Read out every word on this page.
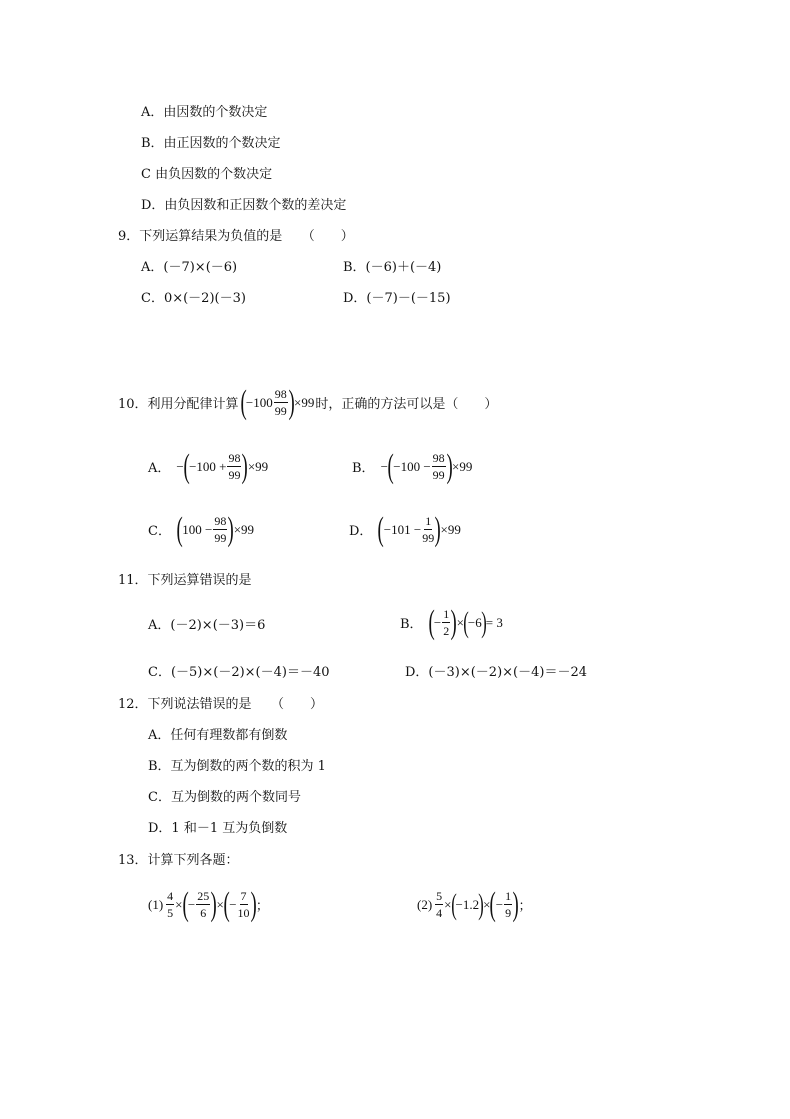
A．由因数的个数决定
B．由正因数的个数决定
C 由负因数的个数决定
D．由负因数和正因数个数的差决定
9．下列运算结果为负值的是　　（　　）
A．(－7)×(－6)	B．(－6)＋(－4)
C．0×(－2)(－3)	D．(－7)－(－15)
10．利用分配律计算 ( $-100 \frac{98}{99}$ ) ×99 时，正确的方法可以是（　　）
A． − ( $-100 + \frac{98}{99}$ ) ×99	B． − ( $-100 - \frac{98}{99}$ ) ×99
C． ( $100 - \frac{98}{99}$ ) ×99	D． ( $-101 - \frac{1}{99}$ ) ×99
11．下列运算错误的是
A．(－2)×(－3)＝6	B． ( − $\frac{1}{2}$ ) × ( −6 ) = 3
C．(－5)×(－2)×(－4)＝－40	D．(－3)×(－2)×(－4)＝－24
12．下列说法错误的是　　（　　）
A．任何有理数都有倒数
B．互为倒数的两个数的积为 1
C．互为倒数的两个数同号
D．1 和－1 互为负倒数
13．计算下列各题：
$(1) \frac{4}{5}$ × ( − $\frac{25}{6}$ ) × ( − $\frac{7}{10}$ ) ；	$(2) \frac{5}{4}$ × ( −1.2 ) × ( − $\frac{1}{9}$ ) ；
